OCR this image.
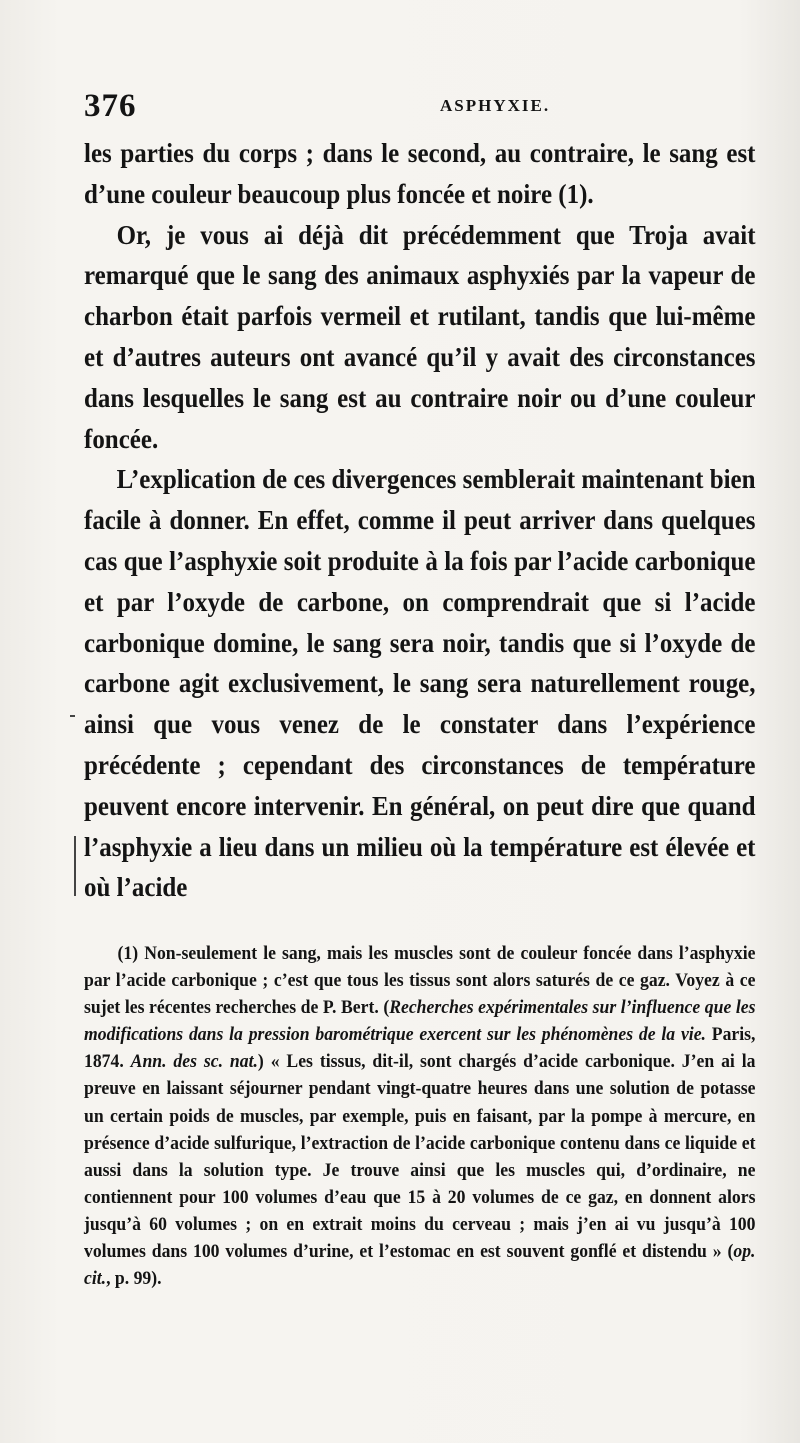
376	ASPHYXIE.

les parties du corps ; dans le second, au contraire, le sang est d’une couleur beaucoup plus foncée et noire (1).

Or, je vous ai déjà dit précédemment que Troja avait remarqué que le sang des animaux asphyxiés par la vapeur de charbon était parfois vermeil et rutilant, tandis que lui-même et d’autres auteurs ont avancé qu’il y avait des circonstances dans lesquelles le sang est au contraire noir ou d’une couleur foncée.

L’explication de ces divergences semblerait maintenant bien facile à donner. En effet, comme il peut arriver dans quelques cas que l’asphyxie soit produite à la fois par l’acide carbonique et par l’oxyde de carbone, on comprendrait que si l’acide carbonique domine, le sang sera noir, tandis que si l’oxyde de carbone agit exclusivement, le sang sera naturellement rouge, ainsi que vous venez de le constater dans l’expérience précédente ; cependant des circonstances de température peuvent encore intervenir. En général, on peut dire que quand l’asphyxie a lieu dans un milieu où la température est élevée et où l’acide

(1) Non-seulement le sang, mais les muscles sont de couleur foncée dans l’asphyxie par l’acide carbonique ; c’est que tous les tissus sont alors saturés de ce gaz. Voyez à ce sujet les récentes recherches de P. Bert. (Recherches expérimentales sur l’influence que les modifications dans la pression barométrique exercent sur les phénomènes de la vie. Paris, 1874. Ann. des sc. nat.) « Les tissus, dit-il, sont chargés d’acide carbonique. J’en ai la preuve en laissant séjourner pendant vingt-quatre heures dans une solution de potasse un certain poids de muscles, par exemple, puis en faisant, par la pompe à mercure, en présence d’acide sulfurique, l’extraction de l’acide carbonique contenu dans ce liquide et aussi dans la solution type. Je trouve ainsi que les muscles qui, d’ordinaire, ne contiennent pour 100 volumes d’eau que 15 à 20 volumes de ce gaz, en donnent alors jusqu’à 60 volumes ; on en extrait moins du cerveau ; mais j’en ai vu jusqu’à 100 volumes dans 100 volumes d’urine, et l’estomac en est souvent gonflé et distendu » (op. cit., p. 99).
